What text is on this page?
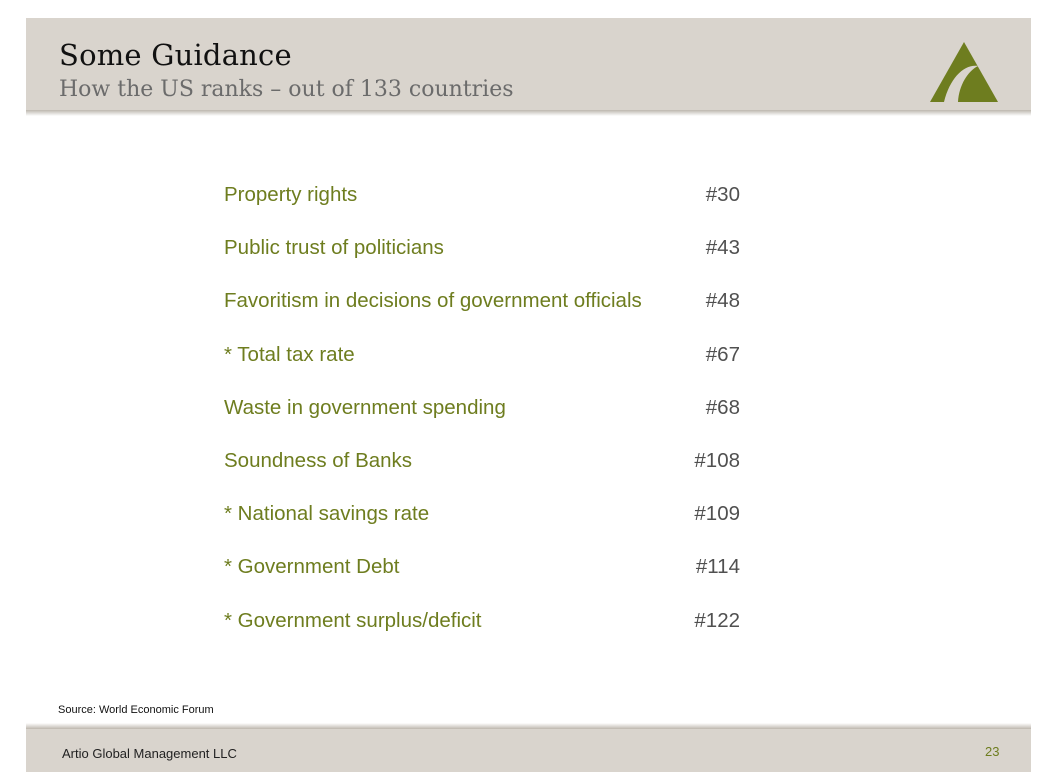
Some Guidance
How the US ranks – out of 133 countries
Property rights	#30
Public trust of politicians	#43
Favoritism in decisions of government officials	#48
* Total tax rate	#67
Waste in government spending	#68
Soundness of Banks	#108
* National savings rate	#109
* Government Debt	#114
* Government surplus/deficit	#122
Source: World Economic Forum
Artio Global Management LLC	23
